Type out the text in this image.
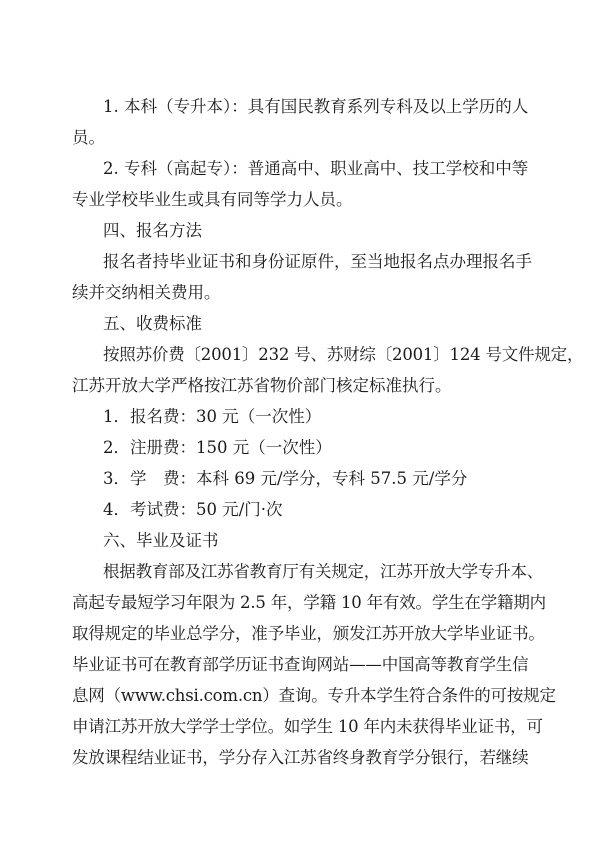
1. 本科（专升本）：具有国民教育系列专科及以上学历的人
员。
2. 专科（高起专）：普通高中、职业高中、技工学校和中等
专业学校毕业生或具有同等学力人员。
四、报名方法
报名者持毕业证书和身份证原件，至当地报名点办理报名手
续并交纳相关费用。
五、收费标准
按照苏价费〔2001〕232 号、苏财综〔2001〕124 号文件规定，
江苏开放大学严格按江苏省物价部门核定标准执行。
1．报名费：30 元（一次性）
2．注册费：150 元（一次性）
3．学　费：本科 69 元/学分，专科 57.5 元/学分
4．考试费：50 元/门·次
六、毕业及证书
根据教育部及江苏省教育厅有关规定，江苏开放大学专升本、
高起专最短学习年限为 2.5 年，学籍 10 年有效。学生在学籍期内
取得规定的毕业总学分，准予毕业，颁发江苏开放大学毕业证书。
毕业证书可在教育部学历证书查询网站——中国高等教育学生信
息网（www.chsi.com.cn）查询。专升本学生符合条件的可按规定
申请江苏开放大学学士学位。如学生 10 年内未获得毕业证书，可
发放课程结业证书，学分存入江苏省终身教育学分银行，若继续
